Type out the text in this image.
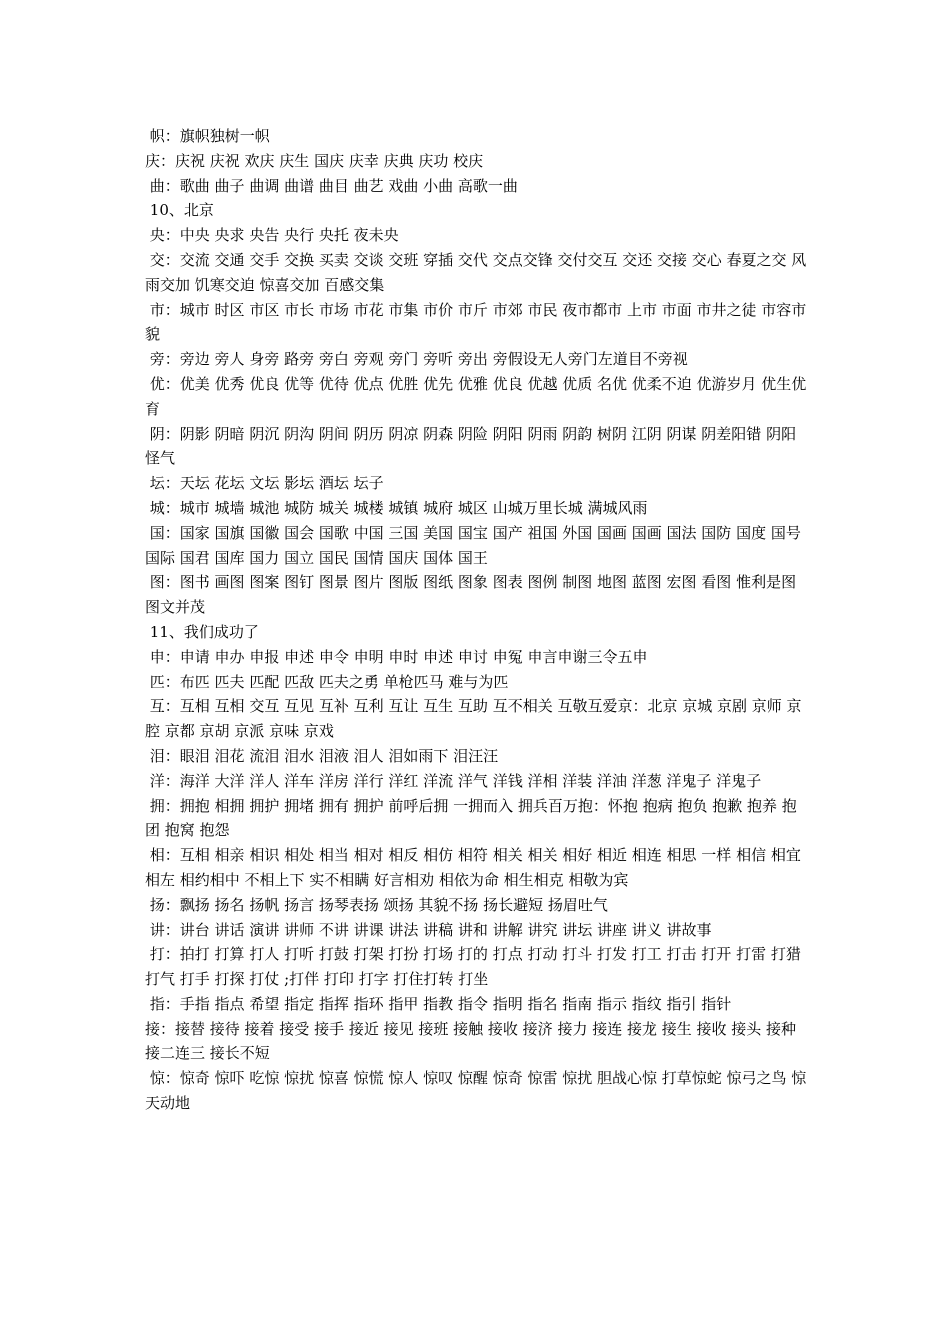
帜：旗帜独树一帜

庆：庆祝 庆祝 欢庆 庆生 国庆 庆幸 庆典 庆功 校庆

曲：歌曲 曲子 曲调 曲谱 曲目 曲艺 戏曲 小曲 高歌一曲

10、北京

央：中央 央求 央告 央行 央托 夜未央

交：交流 交通 交手 交换 买卖 交谈 交班 穿插 交代 交点交锋 交付交互 交还 交接 交心 春夏之交 风雨交加 饥寒交迫 惊喜交加 百感交集

市：城市 时区 市区 市长 市场 市花 市集 市价 市斤 市郊 市民 夜市都市 上市 市面 市井之徒 市容市貌

旁：旁边 旁人 身旁 路旁 旁白 旁观 旁门 旁听 旁出 旁假设无人旁门左道目不旁视

优：优美 优秀 优良 优等 优待 优点 优胜 优先 优雅 优良 优越 优质 名优 优柔不迫 优游岁月 优生优育

阴：阴影 阴暗 阴沉 阴沟 阴间 阴历 阴凉 阴森 阴险 阴阳 阴雨 阴韵 树阴 江阴 阴谋 阴差阳错 阴阳怪气

坛：天坛 花坛 文坛 影坛 酒坛 坛子

城：城市 城墙 城池 城防 城关 城楼 城镇 城府 城区 山城万里长城 满城风雨

国：国家 国旗 国徽 国会 国歌 中国 三国 美国 国宝 国产 祖国 外国 国画 国画 国法 国防 国度 国号 国际 国君 国库 国力 国立 国民 国情 国庆 国体 国王

图：图书 画图 图案 图钉 图景 图片 图版 图纸 图象 图表 图例 制图 地图 蓝图 宏图 看图 惟利是图 图文并茂

11、我们成功了

申：申请 申办 申报 申述 申令 申明 申时 申述 申讨 申冤 申言申谢三令五申

匹：布匹 匹夫 匹配 匹敌 匹夫之勇 单枪匹马 难与为匹

互：互相 互相 交互 互见 互补 互利 互让 互生 互助 互不相关 互敬互爱京：北京 京城 京剧 京师 京腔 京都 京胡 京派 京味 京戏

泪：眼泪 泪花 流泪 泪水 泪液 泪人 泪如雨下 泪汪汪

洋：海洋 大洋 洋人 洋车 洋房 洋行 洋红 洋流 洋气 洋钱 洋相 洋装 洋油 洋葱 洋鬼子 洋鬼子

拥：拥抱 相拥 拥护 拥堵 拥有 拥护 前呼后拥 一拥而入 拥兵百万抱：怀抱 抱病 抱负 抱歉 抱养 抱团 抱窝 抱怨

相：互相 相亲 相识 相处 相当 相对 相反 相仿 相符 相关 相关 相好 相近 相连 相思 一样 相信 相宜 相左 相约相中 不相上下 实不相瞒 好言相劝 相依为命 相生相克 相敬为宾

扬：飘扬 扬名 扬帆 扬言 扬琴表扬 颂扬 其貌不扬 扬长避短 扬眉吐气

讲：讲台 讲话 演讲 讲师 不讲 讲课 讲法 讲稿 讲和 讲解 讲究 讲坛 讲座 讲义 讲故事

打：拍打 打算 打人 打听 打鼓 打架 打扮 打场 打的 打点 打动 打斗 打发 打工 打击 打开 打雷 打猎 打气 打手 打探 打仗 ;打伴 打印 打字 打住打转 打坐

指：手指 指点 希望 指定 指挥 指环 指甲 指教 指令 指明 指名 指南 指示 指纹 指引 指针

接：接替 接待 接着 接受 接手 接近 接见 接班 接触 接收 接济 接力 接连 接龙 接生 接收 接头 接种 接二连三 接长不短

惊：惊奇 惊吓 吃惊 惊扰 惊喜 惊慌 惊人 惊叹 惊醒 惊奇 惊雷 惊扰 胆战心惊 打草惊蛇 惊弓之鸟 惊天动地
